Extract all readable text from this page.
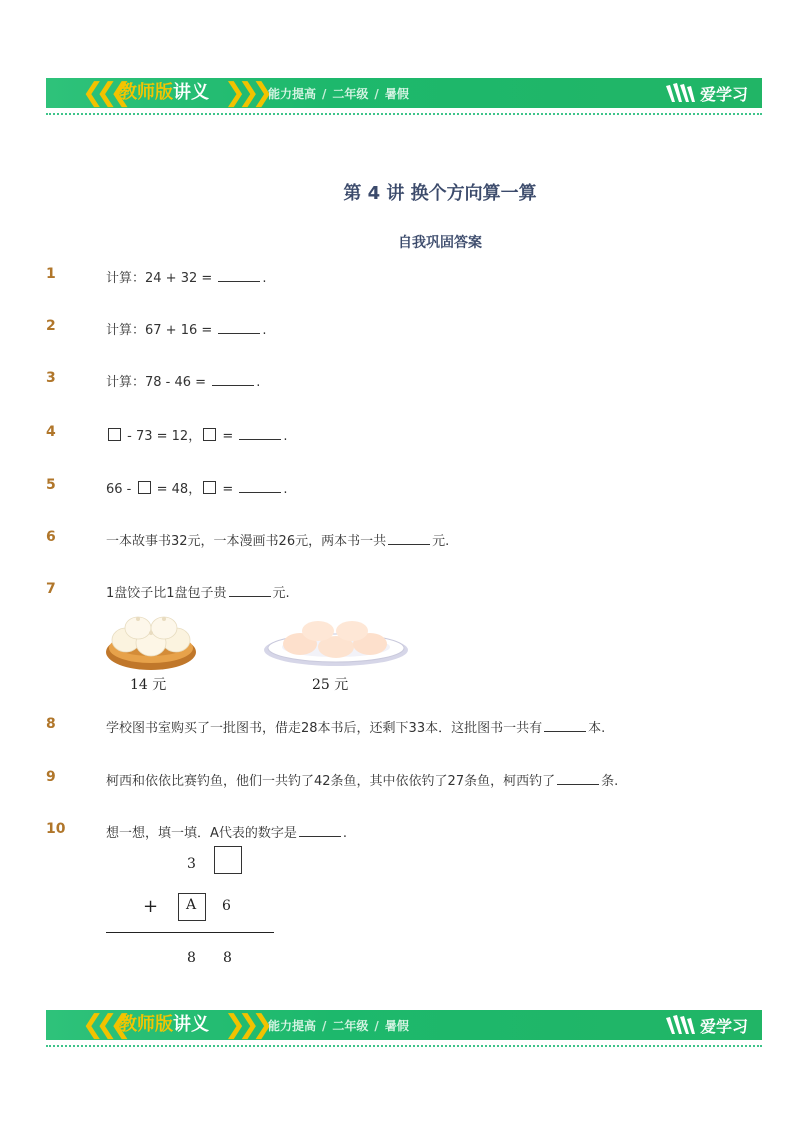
❮❮❮
教师版讲义 ❯❯❯ 能力提高 / 二年级 / 暑假	爱学习
第 4 讲 换个方向算一算
自我巩固答案
1	计算：24 + 32 =	.
2	计算：67 + 16 =	.
3	计算：78 - 46 =	.
4	- 73 = 12， =	.
5	66 -  = 48， =	.
6	一本故事书32元，一本漫画书26元，两本书一共	元.
7	1盘饺子比1盘包子贵	元.
14 元	25 元
8	学校图书室购买了一批图书，借走28本书后，还剩下33本．这批图书一共有	本.
9	柯西和依依比赛钓鱼，他们一共钓了42条鱼，其中依依钓了27条鱼，柯西钓了	条.
10	想一想，填一填．A代表的数字是	.
3
+ A 6
8 8
❮❮❮
教师版讲义 ❯❯❯ 能力提高 / 二年级 / 暑假	爱学习
